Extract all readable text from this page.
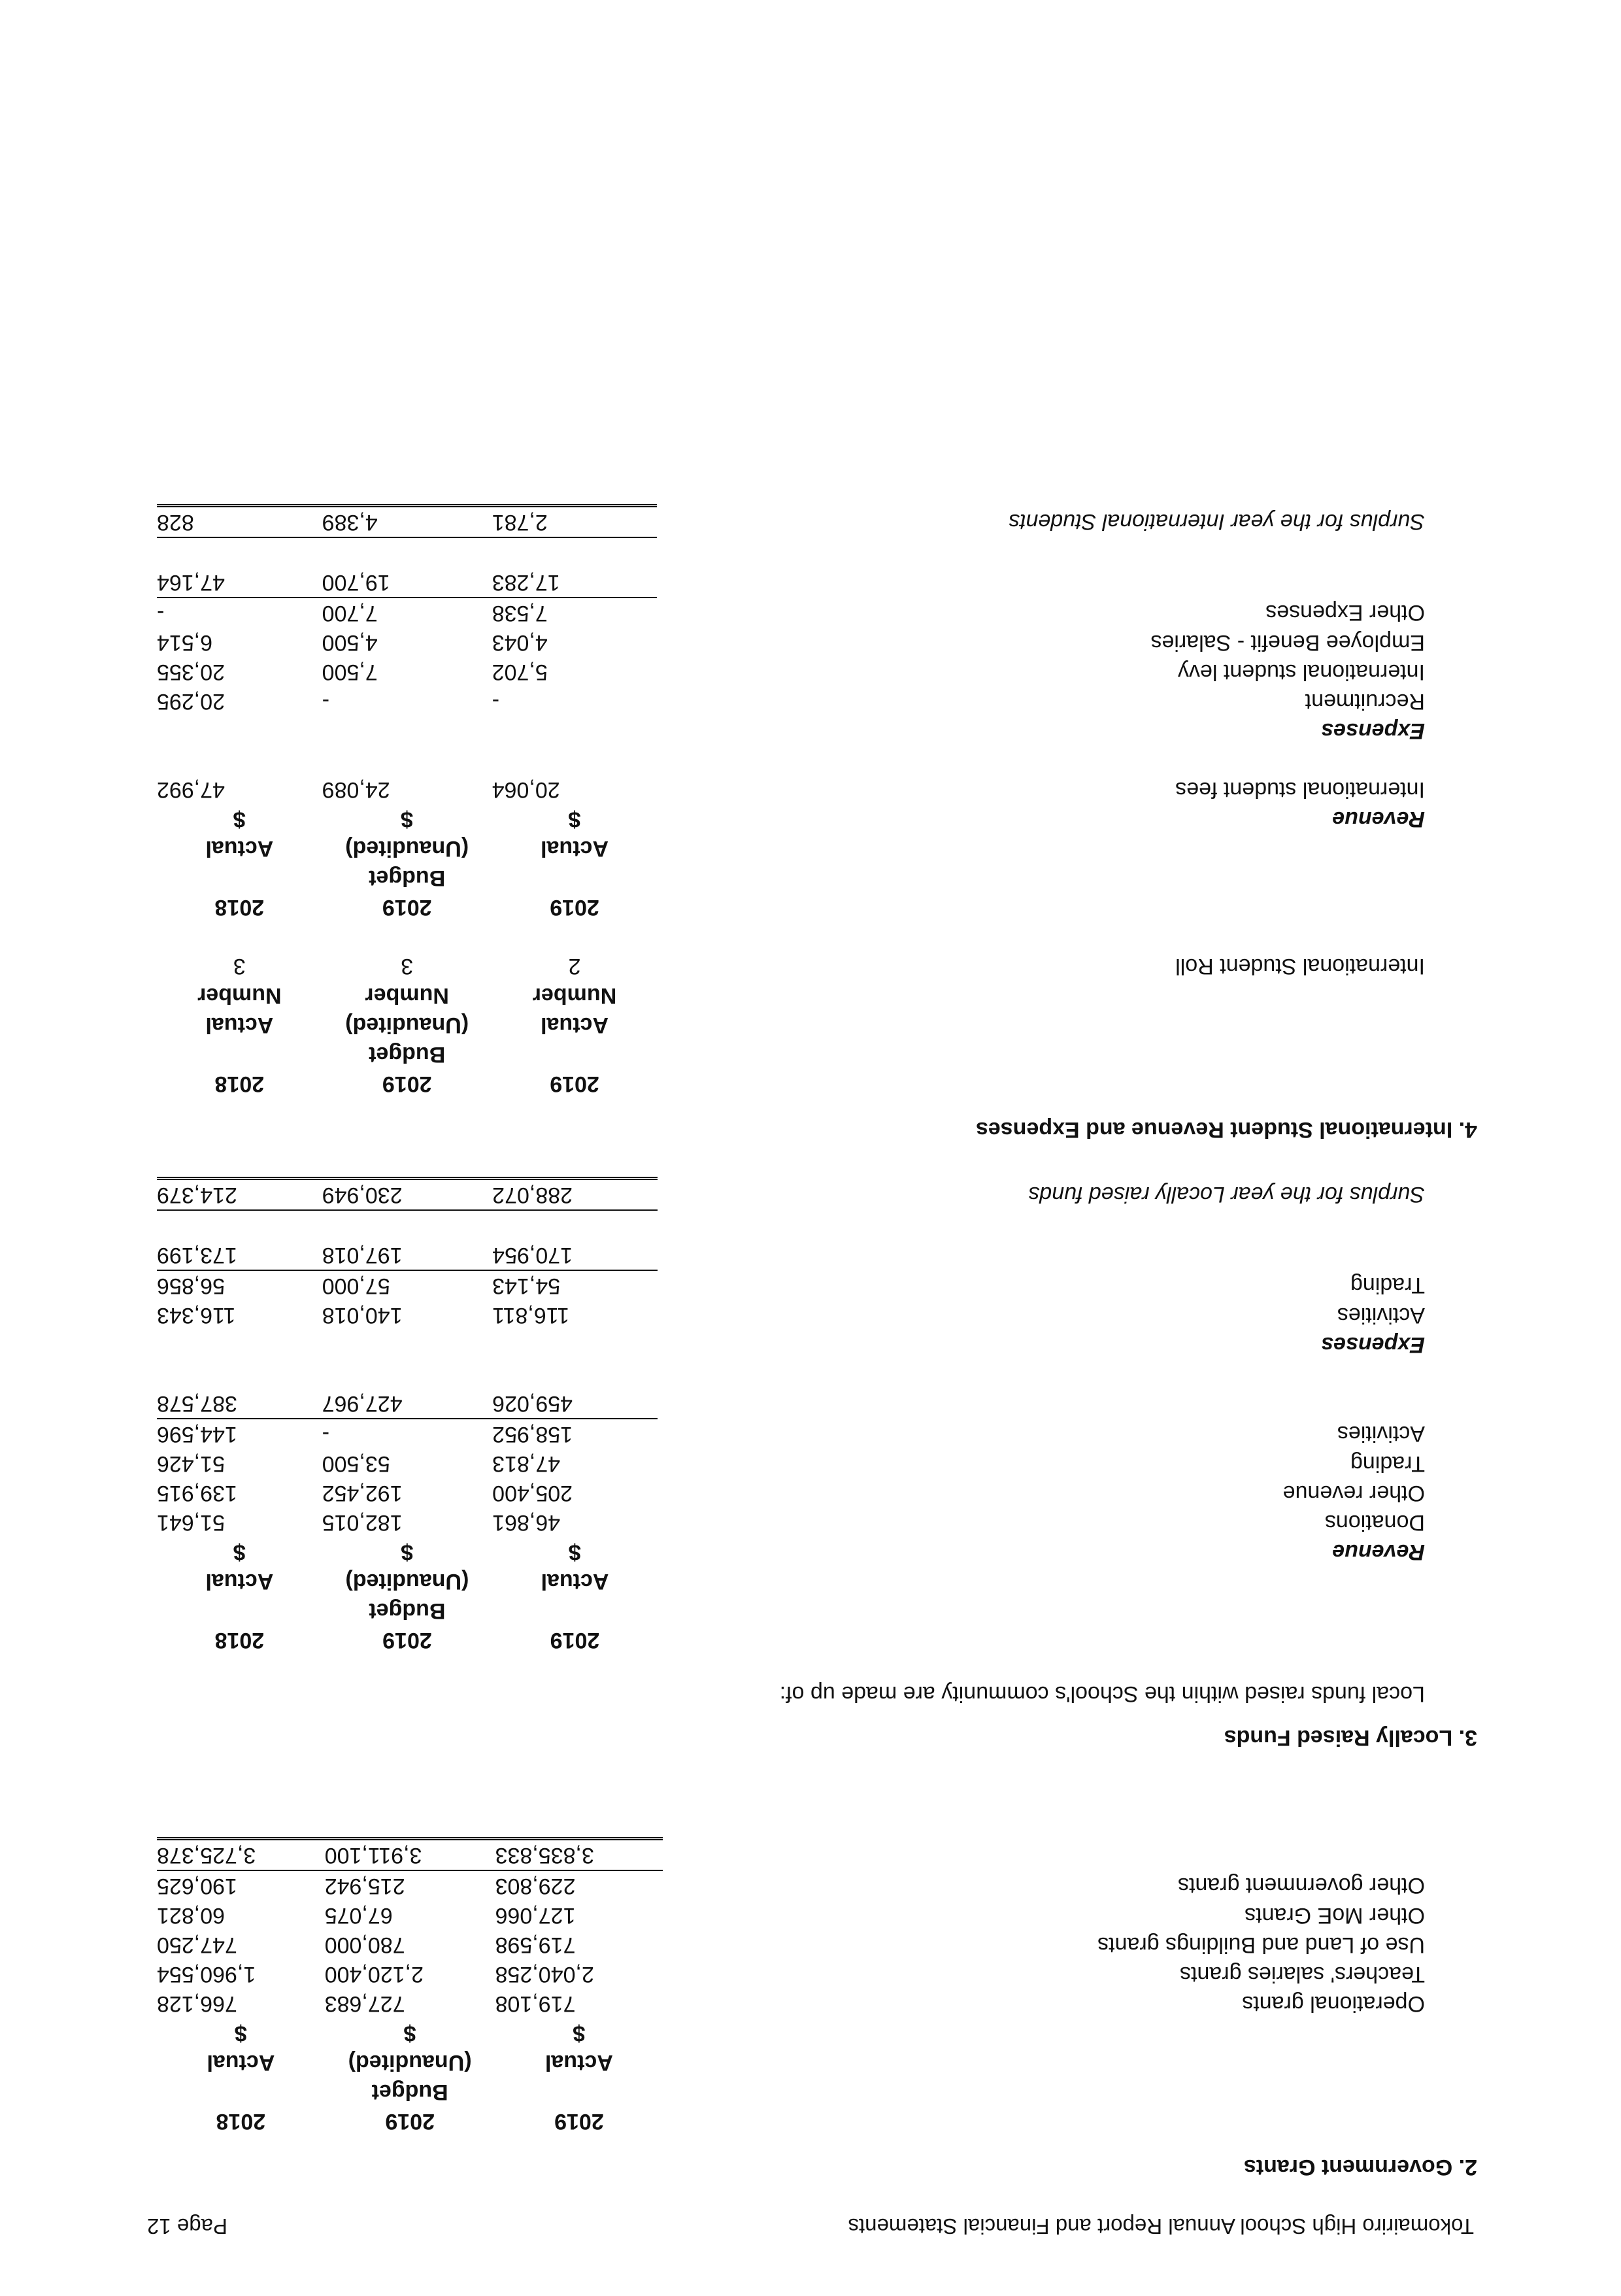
Tokomairiro High School Annual Report and Financial Statements
Page 12
2. Government Grants
	2019	2019	2018
		Budget	
	Actual	(Unaudited)	Actual
	$	$	$
Operational grants	719,108	727,683	766,128
Teachers' salaries grants	2,040,258	2,120,400	1,960,554
Use of Land and Buildings grants	719,598	780,000	747,250
Other MoE Grants	127,066	67,075	60,821
Other government grants	229,803	215,942	190,625
	3,835,833	3,911,100	3,725,378
3. Locally Raised Funds
Local funds raised within the School's community are made up of:
	2019	2019	2018
		Budget	
	Actual	(Unaudited)	Actual
Revenue	$	$	$
Donations	46,861	182,015	51,641
Other revenue	205,400	192,452	139,915
Trading	47,813	53,500	51,426
Activities	158,952	-	144,596
	459,026	427,967	387,578

Expenses			
Activities	116,811	140,018	116,343
Trading	54,143	57,000	56,856
	170,954	197,018	173,199

Surplus for the year Locally raised funds	288,072	230,949	214,379
4. International Student Revenue and Expenses
	2019	2019	2018
		Budget	
	Actual	(Unaudited)	Actual
	Number	Number	Number
International Student Roll	2	3	3

	2019	2019	2018
		Budget	
	Actual	(Unaudited)	Actual
Revenue	$	$	$
International student fees	20,064	24,089	47,992

Expenses			
Recruitment	-	-	20,295
International student levy	5,702	7,500	20,355
Employee Benefit - Salaries	4,043	4,500	6,514
Other Expenses	7,538	7,700	-
	17,283	19,700	47,164

Surplus for the year International Students	2,781	4,389	828
